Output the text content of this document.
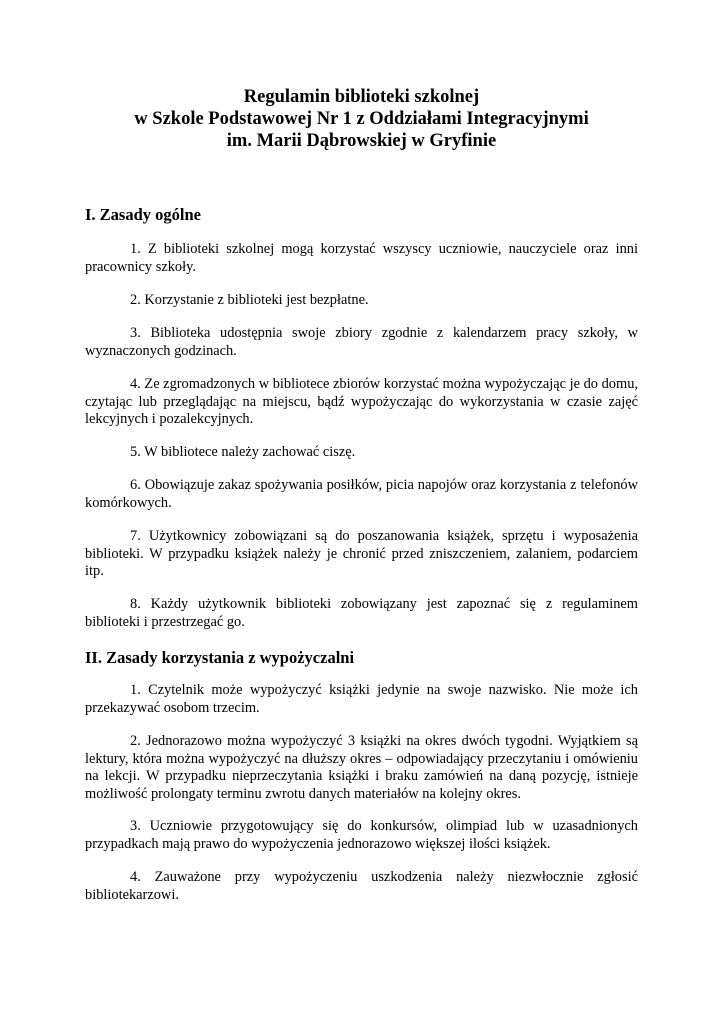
Regulamin biblioteki szkolnej
w Szkole Podstawowej Nr 1 z Oddziałami Integracyjnymi
im. Marii Dąbrowskiej w Gryfinie
I. Zasady ogólne

1. Z biblioteki szkolnej mogą korzystać wszyscy uczniowie, nauczyciele oraz inni pracownicy szkoły.

2. Korzystanie z biblioteki jest bezpłatne.

3. Biblioteka udostępnia swoje zbiory zgodnie z kalendarzem pracy szkoły, w wyznaczonych godzinach.

4. Ze zgromadzonych w bibliotece zbiorów korzystać można wypożyczając je do domu, czytając lub przeglądając na miejscu, bądź wypożyczając do wykorzystania w czasie zajęć lekcyjnych i pozalekcyjnych.

5. W bibliotece należy zachować ciszę.

6. Obowiązuje zakaz spożywania posiłków, picia napojów oraz korzystania z telefonów komórkowych.

7. Użytkownicy zobowiązani są do poszanowania książek, sprzętu i wyposażenia biblioteki. W przypadku książek należy je chronić przed zniszczeniem, zalaniem, podarciem itp.

8. Każdy użytkownik biblioteki zobowiązany jest zapoznać się z regulaminem biblioteki i przestrzegać go.

II. Zasady korzystania z wypożyczalni

1. Czytelnik może wypożyczyć książki jedynie na swoje nazwisko. Nie może ich przekazywać osobom trzecim.

2. Jednorazowo można wypożyczyć 3 książki na okres dwóch tygodni. Wyjątkiem są lektury, która można wypożyczyć na dłuższy okres – odpowiadający przeczytaniu i omówieniu na lekcji. W przypadku nieprzeczytania książki i braku zamówień na daną pozycję, istnieje możliwość prolongaty terminu zwrotu danych materiałów na kolejny okres.

3. Uczniowie przygotowujący się do konkursów, olimpiad lub w uzasadnionych przypadkach mają prawo do wypożyczenia jednorazowo większej ilości książek.

4. Zauważone przy wypożyczeniu uszkodzenia należy niezwłocznie zgłosić bibliotekarzowi.
